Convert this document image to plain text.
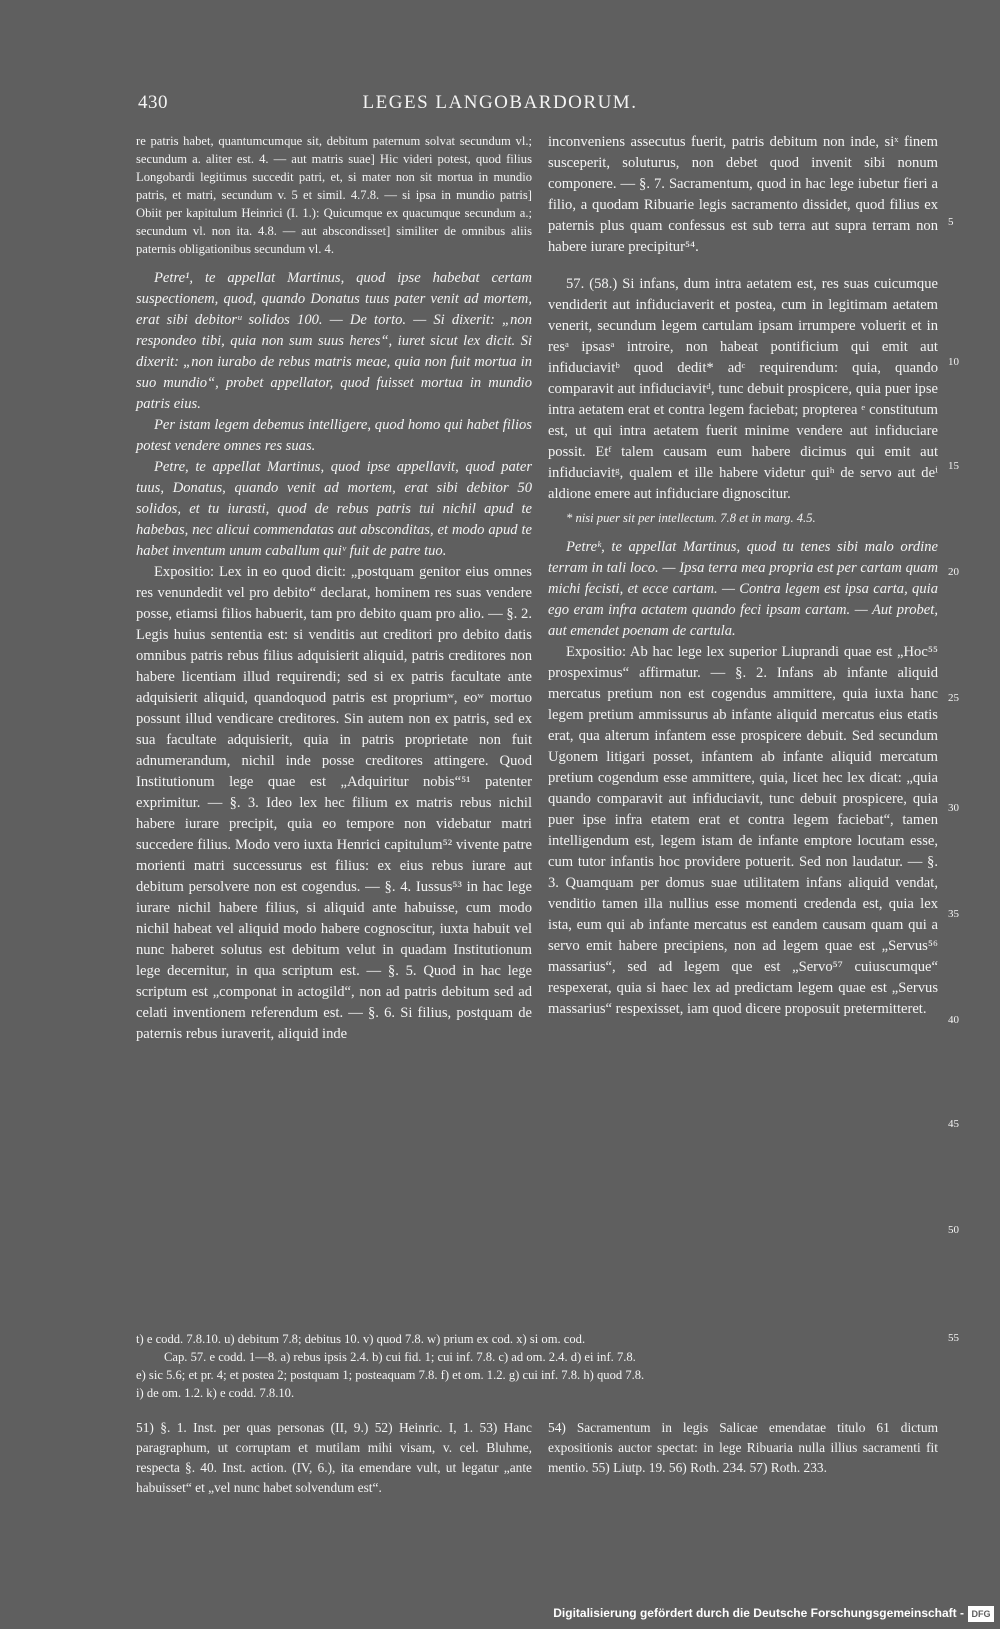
430	LEGES LANGOBARDORUM.

re patris habet, quantumcumque sit, debitum paternum solvat secundum vl.; secundum a. aliter est. 4. — aut matris suae] Hic videri potest, quod filius Longobardi legitimus succedit patri, et, si mater non sit mortua in mundio patris, et matri, secundum v. 5 et simil. 4.7.8. — si ipsa in mundio patris] Obiit per kapitulum Heinrici (I. 1.): Quicumque ex quacumque secundum a.; secundum vl. non ita. 4.8. — aut abscondisset] similiter de omnibus aliis paternis obligationibus secundum vl. 4.

Petre¹, te appellat Martinus, quod ipse habebat certam suspectionem, quod, quando Donatus tuus pater venit ad mortem, erat sibi debitorᵘ solidos 100. — De torto. — Si dixerit: „non respondeo tibi, quia non sum suus heres“, iuret sicut lex dicit. Si dixerit: „non iurabo de rebus matris meae, quia non fuit mortua in suo mundio“, probet appellator, quod fuisset mortua in mundio patris eius.

Per istam legem debemus intelligere, quod homo qui habet filios potest vendere omnes res suas.

Petre, te appellat Martinus, quod ipse appellavit, quod pater tuus, Donatus, quando venit ad mortem, erat sibi debitor 50 solidos, et tu iurasti, quod de rebus patris tui nichil apud te habebas, nec alicui commendatas aut absconditas, et modo apud te habet inventum unum caballum quiᵛ fuit de patre tuo.

Expositio: Lex in eo quod dicit: „postquam genitor eius omnes res venundedit vel pro debito“ declarat, hominem res suas vendere posse, etiamsi filios habuerit, tam pro debito quam pro alio. — §. 2. Legis huius sententia est: si venditis aut creditori pro debito datis omnibus patris rebus filius adquisierit aliquid, patris creditores non habere licentiam illud requirendi; sed si ex patris facultate ante adquisierit aliquid, quandoquod patris est propriumʷ, eoʷ mortuo possunt illud vendicare creditores. Sin autem non ex patris, sed ex sua facultate adquisierit, quia in patris proprietate non fuit adnumerandum, nichil inde posse creditores attingere. Quod Institutionum lege quae est „Adquiritur nobis“⁵¹ patenter exprimitur. — §. 3. Ideo lex hec filium ex matris rebus nichil habere iurare precipit, quia eo tempore non videbatur matri succedere filius. Modo vero iuxta Henrici capitulum⁵² vivente patre morienti matri successurus est filius: ex eius rebus iurare aut debitum persolvere non est cogendus. — §. 4. Iussus⁵³ in hac lege iurare nichil habere filius, si aliquid ante habuisse, cum modo nichil habeat vel aliquid modo habere cognoscitur, iuxta habuit vel nunc haberet solutus est debitum velut in quadam Institutionum lege decernitur, in qua scriptum est. — §. 5. Quod in hac lege scriptum est „componat in actogild“, non ad patris debitum sed ad celati inventionem referendum est. — §. 6. Si filius, postquam de paternis rebus iuraverit, aliquid inde

inconveniens assecutus fuerit, patris debitum non inde, siˣ finem susceperit, soluturus, non debet quod invenit sibi nonum componere. — §. 7. Sacramentum, quod in hac lege iubetur fieri a filio, a quodam Ribuarie legis sacramento dissidet, quod filius ex paternis plus quam confessus est sub terra aut supra terram non habere iurare precipitur⁵⁴.

57. (58.) Si infans, dum intra aetatem est, res suas cuicumque vendiderit aut infiduciaverit et postea, cum in legitimam aetatem venerit, secundum legem cartulam ipsam irrumpere voluerit et in resᵃ ipsasᵃ introire, non habeat pontificium qui emit aut infiduciavitᵇ quod dedit* adᶜ requirendum: quia, quando comparavit aut infiduciavitᵈ, tunc debuit prospicere, quia puer ipse intra aetatem erat et contra legem faciebat; propterea ᵉ constitutum est, ut qui intra aetatem fuerit minime vendere aut infiduciare possit. Etᶠ talem causam eum habere dicimus qui emit aut infiduciavitᵍ, qualem et ille habere videtur quiʰ de servo aut deⁱ aldione emere aut infiduciare dignoscitur.

* nisi puer sit per intellectum. 7.8 et in marg. 4.5.

Petreᵏ, te appellat Martinus, quod tu tenes sibi malo ordine terram in tali loco. — Ipsa terra mea propria est per cartam quam michi fecisti, et ecce cartam. — Contra legem est ipsa carta, quia ego eram infra actatem quando feci ipsam cartam. — Aut probet, aut emendet poenam de cartula.

Expositio: Ab hac lege lex superior Liuprandi quae est „Hoc⁵⁵ prospeximus“ affirmatur. — §. 2. Infans ab infante aliquid mercatus pretium non est cogendus ammittere, quia iuxta hanc legem pretium ammissurus ab infante aliquid mercatus eius etatis erat, qua alterum infantem esse prospicere debuit. Sed secundum Ugonem litigari posset, infantem ab infante aliquid mercatum pretium cogendum esse ammittere, quia, licet hec lex dicat: „quia quando comparavit aut infiduciavit, tunc debuit prospicere, quia puer ipse infra etatem erat et contra legem faciebat“, tamen intelligendum est, legem istam de infante emptore locutam esse, cum tutor infantis hoc providere potuerit. Sed non laudatur. — §. 3. Quamquam per domus suae utilitatem infans aliquid vendat, venditio tamen illa nullius esse momenti credenda est, quia lex ista, eum qui ab infante mercatus est eandem causam quam qui a servo emit habere precipiens, non ad legem quae est „Servus⁵⁶ massarius“, sed ad legem que est „Servo⁵⁷ cuiuscumque“ respexerat, quia si haec lex ad predictam legem quae est „Servus massarius“ respexisset, iam quod dicere proposuit pretermitteret.

5
10
15
20
25
30
35
40
45
50
55

t) e codd. 7.8.10. u) debitum 7.8; debitus 10. v) quod 7.8. w) prium ex cod. x) si om. cod.

Cap. 57. e codd. 1—8. a) rebus ipsis 2.4. b) cui fid. 1; cui inf. 7.8. c) ad om. 2.4. d) ei inf. 7.8.

e) sic 5.6; et pr. 4; et postea 2; postquam 1; posteaquam 7.8. f) et om. 1.2. g) cui inf. 7.8. h) quod 7.8.

i) de om. 1.2. k) e codd. 7.8.10.

51) §. 1. Inst. per quas personas (II, 9.) 52) Heinric. I, 1. 53) Hanc paragraphum, ut corruptam et mutilam mihi visam, v. cel. Bluhme, respecta §. 40. Inst. action. (IV, 6.), ita emendare vult, ut legatur „ante habuisset“ et „vel nunc habet solvendum est“.

54) Sacramentum in legis Salicae emendatae titulo 61 dictum expositionis auctor spectat: in lege Ribuaria nulla illius sacramenti fit mentio. 55) Liutp. 19. 56) Roth. 234. 57) Roth. 233.

Digitalisierung gefördert durch die Deutsche Forschungsgemeinschaft - DFG
